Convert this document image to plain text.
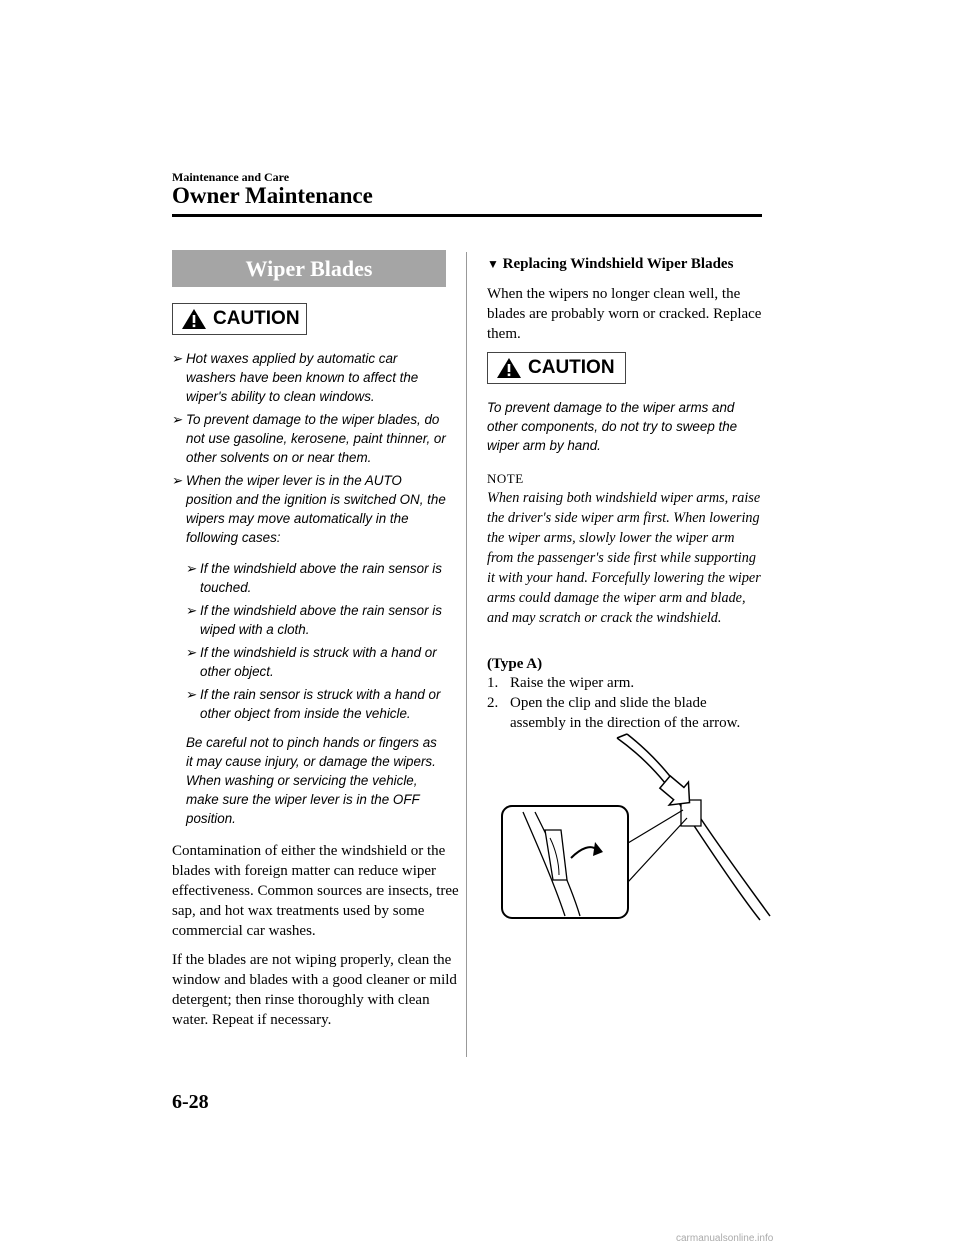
Maintenance and Care
Owner Maintenance
Wiper Blades
CAUTION
➢ Hot waxes applied by automatic car washers have been known to affect the wiper's ability to clean windows.
➢ To prevent damage to the wiper blades, do not use gasoline, kerosene, paint thinner, or other solvents on or near them.
➢ When the wiper lever is in the AUTO position and the ignition is switched ON, the wipers may move automatically in the following cases:
➢ If the windshield above the rain sensor is touched.
➢ If the windshield above the rain sensor is wiped with a cloth.
➢ If the windshield is struck with a hand or other object.
➢ If the rain sensor is struck with a hand or other object from inside the vehicle.
Be careful not to pinch hands or fingers as it may cause injury, or damage the wipers. When washing or servicing the vehicle, make sure the wiper lever is in the OFF position.
Contamination of either the windshield or the blades with foreign matter can reduce wiper effectiveness. Common sources are insects, tree sap, and hot wax treatments used by some commercial car washes.
If the blades are not wiping properly, clean the window and blades with a good cleaner or mild detergent; then rinse thoroughly with clean water. Repeat if necessary.
▼ Replacing Windshield Wiper Blades
When the wipers no longer clean well, the blades are probably worn or cracked. Replace them.
CAUTION
To prevent damage to the wiper arms and other components, do not try to sweep the wiper arm by hand.
NOTE
When raising both windshield wiper arms, raise the driver's side wiper arm first. When lowering the wiper arms, slowly lower the wiper arm from the passenger's side first while supporting it with your hand. Forcefully lowering the wiper arms could damage the wiper arm and blade, and may scratch or crack the windshield.
(Type A)
1. Raise the wiper arm.
2. Open the clip and slide the blade assembly in the direction of the arrow.
6-28
carmanualsonline.info
